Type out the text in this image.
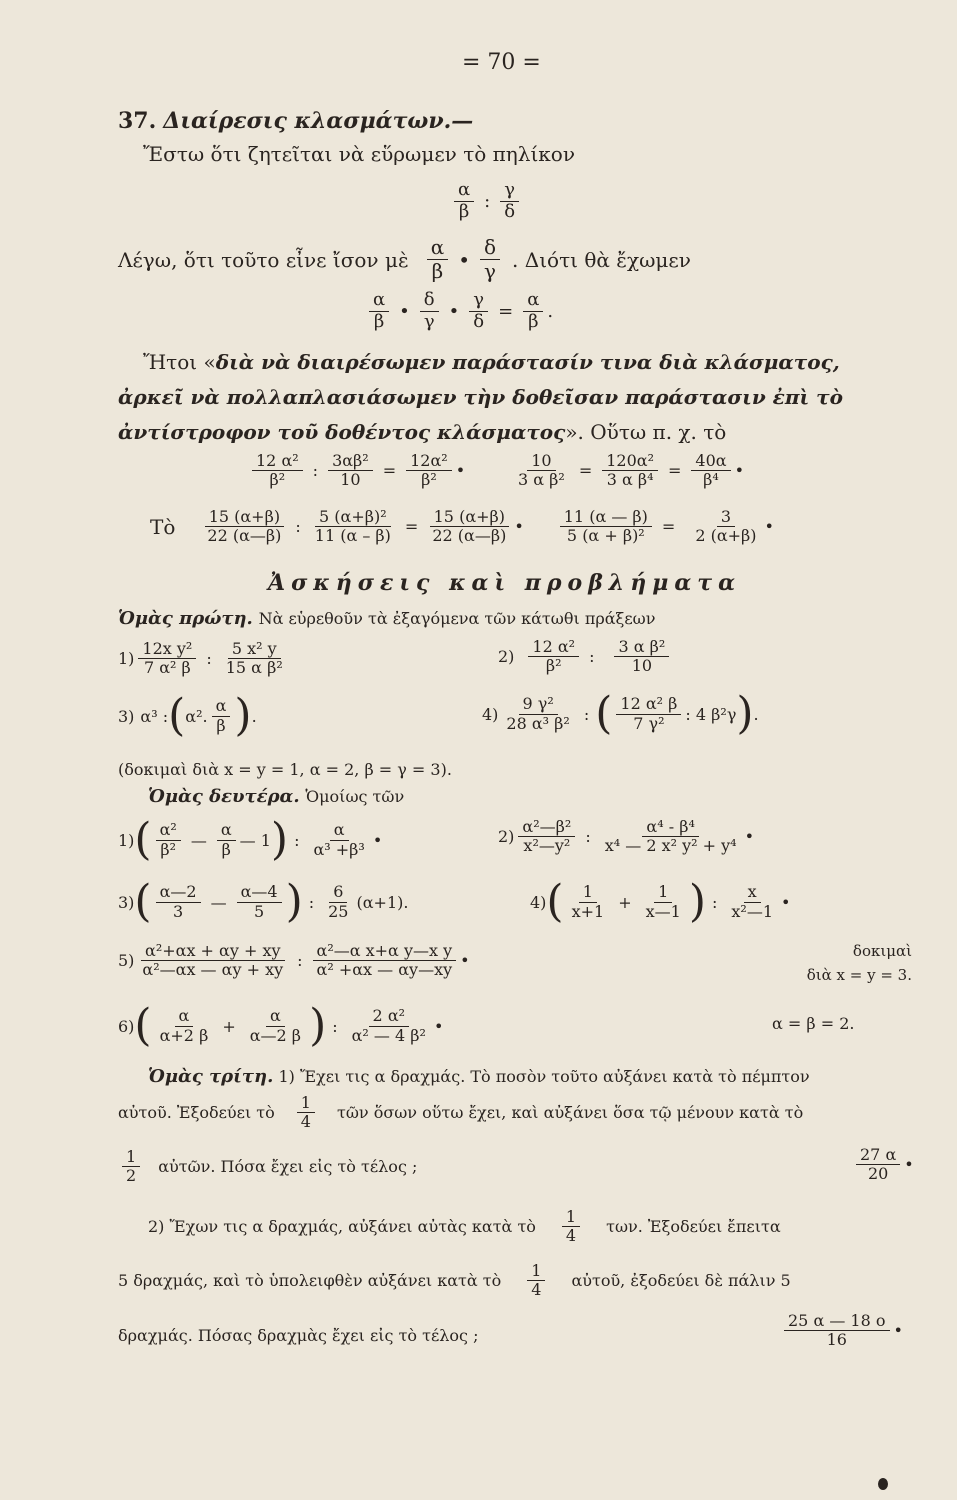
= 70 =
37. Διαίρεσις κλασμάτων.—
Ἔστω ὅτι ζητεῖται νὰ εὕρωμεν τὸ πηλίκον
$\frac{\alpha}{\beta}$ : $\frac{\gamma}{\delta}$
Λέγω, ὅτι τοῦτο εἶνε ἴσον μὲ $\frac{\alpha}{\beta}$ • $\frac{\delta}{\gamma}$ . Διότι θὰ ἔχωμεν
$\frac{\alpha}{\beta}$ • $\frac{\delta}{\gamma}$ • $\frac{\gamma}{\delta} = \frac{\alpha}{\beta}$ .
Ἤτοι «διὰ νὰ διαιρέσωμεν παράστασίν τινα διὰ κλάσματος,
ἀρκεῖ νὰ πολλαπλασιάσωμεν τὴν δοθεῖσαν παράστασιν ἐπὶ τὸ
ἀντίστροφον τοῦ δοθέντος κλάσματος». Οὕτω π. χ. τὸ
$\frac{\text{12 α²}}{\text{β²}}$ : $\frac{\text{3αβ²}}{10} = \frac{\text{12α²}}{\text{β²}}$ •	$\frac{10}{\text{3 α β²}} = \frac{\text{120α²}}{\text{3 α β⁴}} = \frac{40\alpha}{\text{β⁴}}$ •
Τὸ $\frac{15 (\alpha+\beta)}{22 (\alpha—\beta)}$ : $\frac{\text{5 (α+β)²}}{11 (\alpha - \beta)} = \frac{15 (\alpha+\beta)}{22 (\alpha—\beta)}$ • $\frac{11 (\alpha — \beta)}{\text{5 (α + β)²}} = \frac{3}{2 (\alpha+\beta)}$ •
Ἀσκήσεις καὶ προβλήματα
Ὁμὰς πρώτη. Νὰ εὑρεθοῦν τὰ ἐξαγόμενα τῶν κάτωθι πράξεων
$1) \frac{\text{12x y²}}{\text{7 α² β}}$ : $\frac{\text{5 x² y}}{\text{15 α β²}}$	$2) \frac{\text{12 α²}}{\text{β²}}$ : $\frac{\text{3 α β²}}{10}$
3) α³ : ( α². $\frac{\alpha}{\beta}$ ) .	$4) \frac{\text{9 γ²}}{\text{28 α³ β²}}$ : ( $\frac{\text{12 α² β}}{\text{7 γ²}}$ : 4 β²γ ) .
(δοκιμαὶ διὰ x = y = 1, α = 2, β = γ = 3).
Ὁμὰς δευτέρα. Ὁμοίως τῶν
1) ( $\frac{\text{α²}}{\text{β²}}$ — $\frac{\alpha}{\beta}$ — 1 ) : $\frac{\alpha}{\text{α³ +β³}}$ •	$2) \frac{\text{α²—β²}}{\text{x²—y²}}$ : $\frac{\text{α⁴ - β⁴}}{\text{x⁴ — 2 x² y² + y⁴}}$ •
3) ( $\frac{\alpha—2}{3}$ — $\frac{\alpha—4}{5}$ ) : $\frac{6}{25} (\alpha+1)$.	4) ( $\frac{1}{x+1} + \frac{1}{x—1}$ ) : $\frac{x}{\text{x²—1}}$ •
$5) \frac{\text{α²+αx + αy + xy}}{\text{α²—αx — αy + xy}}$ : $\frac{\text{α²—α x+α y—x y}}{\text{α² +αx — αy—xy}}$ •
δοκιμαὶ
διὰ x = y = 3.
6) ( $\frac{\alpha}{\alpha+2 \beta} + \frac{\alpha}{\alpha—2 \beta}$ ) : $\frac{\text{2 α²}}{\text{α² — 4 β²}}$ •	α = β = 2.
Ὁμὰς τρίτη. 1) Ἔχει τις α δραχμάς. Τὸ ποσὸν τοῦτο αὐξάνει κατὰ τὸ πέμπτον
αὐτοῦ. Ἐξοδεύει τὸ $\frac{1}{4}$ τῶν ὅσων οὕτω ἔχει, καὶ αὐξάνει ὅσα τῷ μένουν κατὰ τὸ
$\frac{1}{2}$ αὐτῶν. Πόσα ἔχει εἰς τὸ τέλος ;	$\frac{27 \alpha}{20}$ •
2) Ἔχων τις α δραχμάς, αὐξάνει αὐτὰς κατὰ τὸ $\frac{1}{4} \tau\omega\nu$. Ἐξοδεύει ἔπειτα
5 δραχμάς, καὶ τὸ ὑπολειφθὲν αὐξάνει κατὰ τὸ $\frac{1}{4}$ αὐτοῦ, ἐξοδεύει δὲ πάλιν 5
δραχμάς. Πόσας δραχμὰς ἔχει εἰς τὸ τέλος ;	$\frac{25 \alpha — 18 o}{16}$ •
